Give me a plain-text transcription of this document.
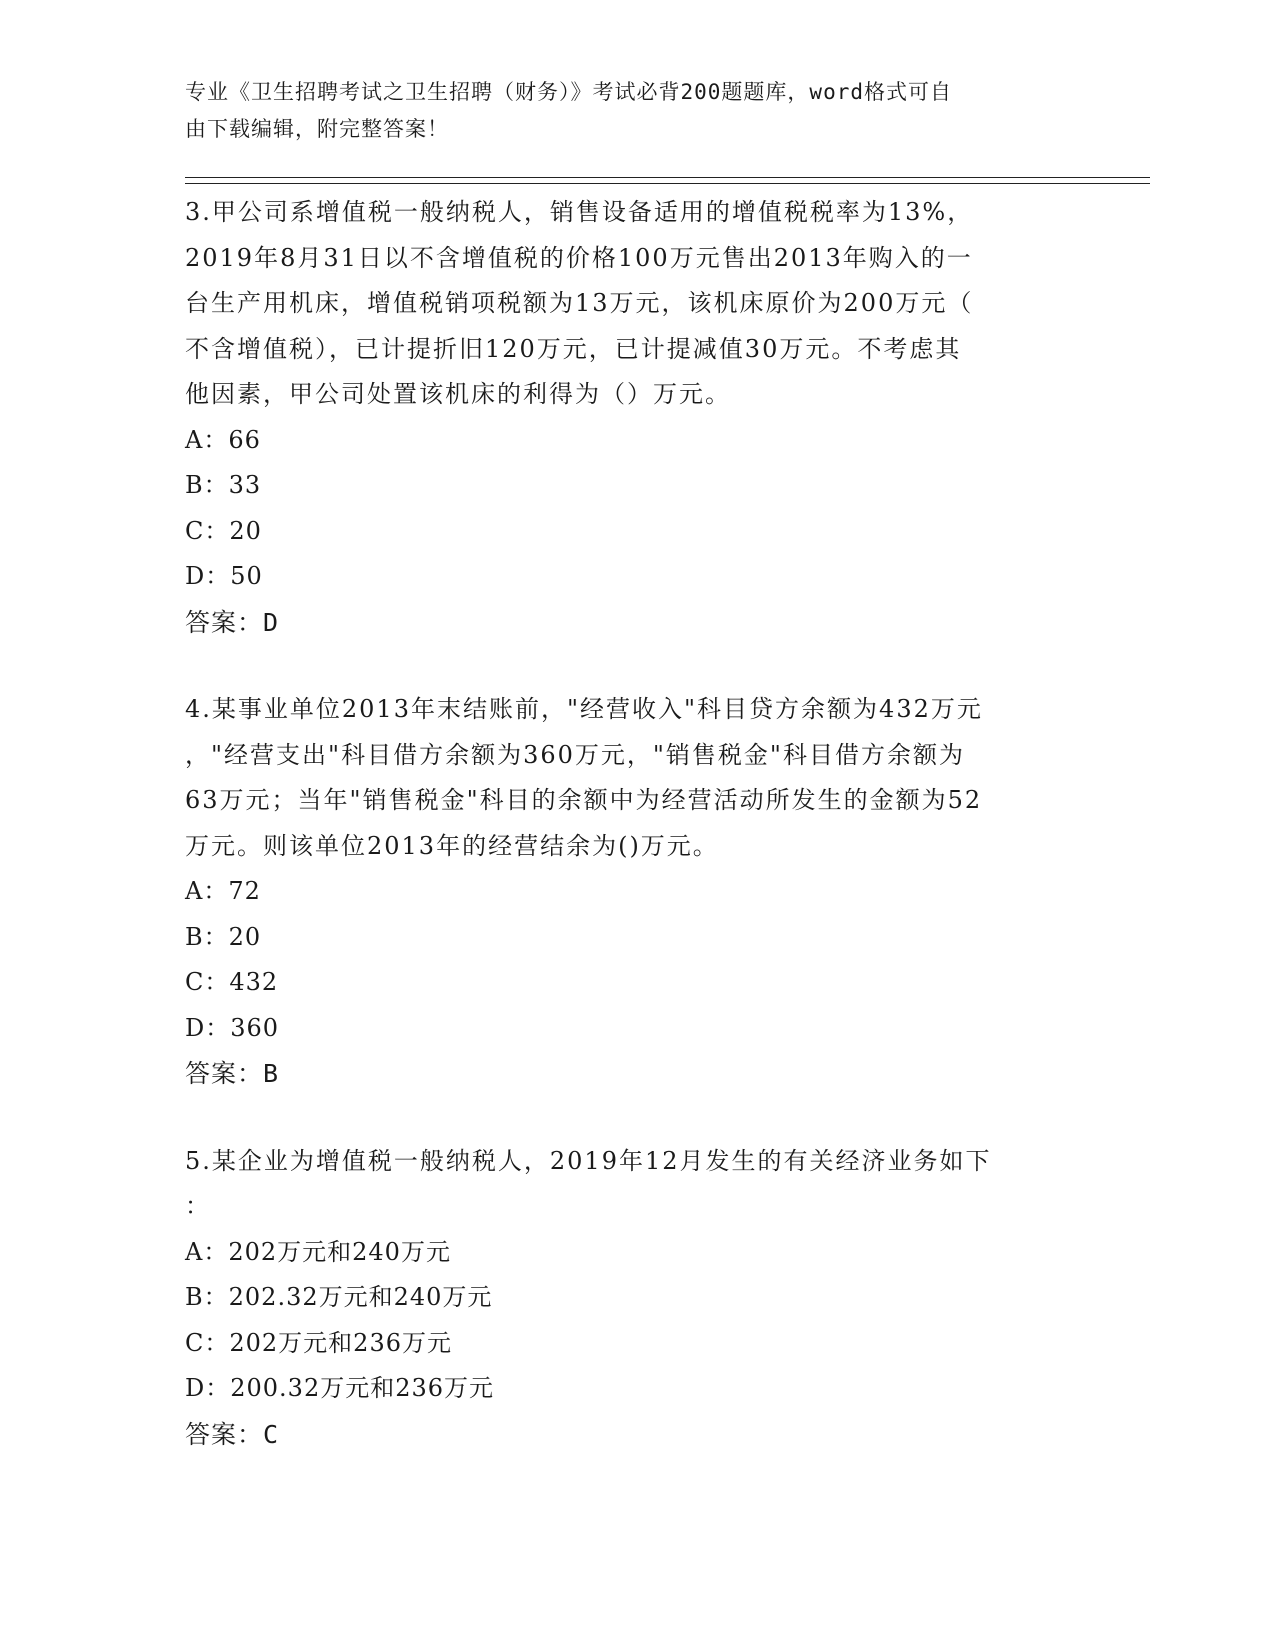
专业《卫生招聘考试之卫生招聘（财务）》考试必背200题题库，word格式可自
由下载编辑，附完整答案！

3.甲公司系增值税一般纳税人，销售设备适用的增值税税率为13%，
2019年8月31日以不含增值税的价格100万元售出2013年购入的一
台生产用机床，增值税销项税额为13万元，该机床原价为200万元（
不含增值税），已计提折旧120万元，已计提减值30万元。不考虑其
他因素，甲公司处置该机床的利得为（）万元。

A：66

B：33

C：20

D：50

答案：D

4.某事业单位2013年末结账前，"经营收入"科目贷方余额为432万元
，"经营支出"科目借方余额为360万元，"销售税金"科目借方余额为
63万元；当年"销售税金"科目的余额中为经营活动所发生的金额为52
万元。则该单位2013年的经营结余为()万元。

A：72

B：20

C：432

D：360

答案：B

5.某企业为增值税一般纳税人，2019年12月发生的有关经济业务如下
：

A：202万元和240万元

B：202.32万元和240万元

C：202万元和236万元

D：200.32万元和236万元

答案：C
